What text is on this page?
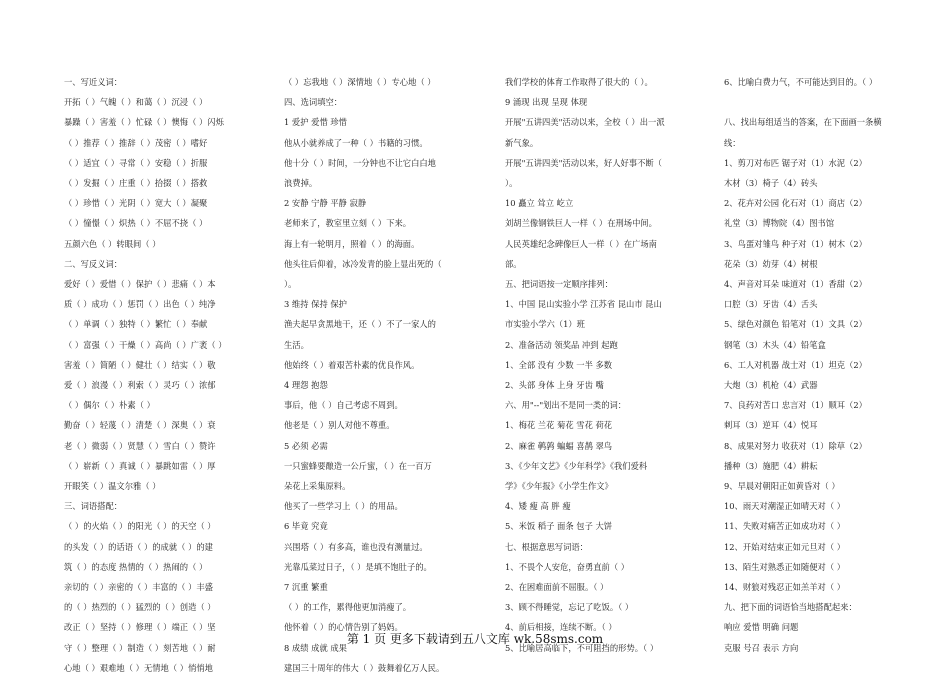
一、写近义词：
开拓（ ）气魄（ ）和蔼（ ）沉浸（ ）
暴躁（ ）害羞（ ）忙碌（ ）懊悔（ ）闪烁
（ ）推荐（ ）推辞（ ）茂密（ ）嗜好
（ ）适宜（ ）寻常（ ）安稳（ ）折服
（ ）发掘（ ）庄重（ ）拾掇（ ）搭救
（ ）珍惜（ ）光阴（ ）宽大（ ）凝聚
（ ）憧憬（ ）炽热（ ）不屈不挠（ ）
五颜六色（ ）转眼间（ ）
二、写反义词：
爱好（ ）爱惜（ ）保护（ ）悲痛（ ）本
质（ ）成功（ ）惩罚（ ）出色（ ）纯净
（ ）单调（ ）独特（ ）繁忙（ ）奉献
（ ）富强（ ）干燥（ ）高尚（ ）广袤（ ）
害羞（ ）简陋（ ）健壮（ ）结实（ ）敬
爱（ ）浪漫（ ）利索（ ）灵巧（ ）浓郁
（ ）偶尔（ ）朴素（ ）
勤奋（ ）轻蔑（ ）清楚（ ）深奥（ ）衰
老（ ）微弱（ ）贤慧（ ）雪白（ ）赞许
（ ）崭新（ ）真诚（ ）暴跳如雷（ ）厚
开眼笑（ ）温文尔雅（ ）
三、词语搭配：
（ ）的火焰（ ）的阳光（ ）的天空（ ）
的头发（ ）的话语（ ）的成就（ ）的建
筑（ ）的态度 热情的（ ）热闹的（ ）
亲切的（ ）亲密的（ ）丰富的（ ）丰盛
的（ ）热烈的（ ）猛烈的（ ）创造（ ）
改正（ ）坚持（ ）修理（ ）端正（ ）坚
守（ ）整理（ ）制造（ ）刻苦地（ ）耐
心地（ ）艰难地（ ）无情地（ ）悄悄地
（ ）忘我地（ ）深情地（ ）专心地（ ）
四、选词填空：
1 爱护 爱惜 珍惜
他从小就养成了一种（ ）书籍的习惯。
他十分（ ）时间，一分钟也不让它白白地
浪费掉。
2 安静 宁静 平静 寂静
老师来了，教室里立刻（ ）下来。
海上有一轮明月，照着（ ）的海面。
他头往后仰着，冰冷发青的脸上显出死的（
）。
3 维持 保持 保护
渔夫起早贪黑地干，还（ ）不了一家人的
生活。
他始终（ ）着艰苦朴素的优良作风。
4 理怨 抱怨
事后，他（ ）自己考虑不周到。
他老是（ ）别人对他不尊重。
5 必须 必需
一只蜜蜂要酿造一公斤蜜，（ ）在一百万
朵花上采集原料。
他买了一些学习上（ ）的用品。
6 毕竟 究竟
兴围塔（ ）有多高，谁也没有测量过。
光靠瓜菜过日子，（ ）是填不饱肚子的。
7 沉重 繁重
（ ）的工作，累得他更加消瘦了。
他怀着（ ）的心情告别了妈妈。
8 成绩 成就 成果
建国三十周年的伟大（ ）鼓舞着亿万人民。
我们学校的体育工作取得了很大的（ ）。
9 涌现 出现 呈现 体现
开展"五讲四美"活动以来，全校（ ）出一派
新气象。
开展"五讲四美"活动以来，好人好事不断（
）。
10 矗立 耸立 屹立
刘胡兰像钢铁巨人一样（ ）在刑场中间。
人民英雄纪念碑像巨人一样（ ）在广场南
部。
五、把词语按一定顺序排列：
1、中国 昆山实验小学 江苏省 昆山市 昆山
市实验小学六（1）班
2、准备活动 领奖品 冲到 起跑
1、全部 没有 少数 一半 多数
2、头部 身体 上身 牙齿 嘴
六、用"--"划出不是同一类的词：
1、梅花 兰花 菊花 雪花 荷花
2、麻雀 鹌鹑 蝙蝠 喜鹊 翠鸟
3、《少年文艺》《少年科学》《我们爱科
学》《少年报》《小学生作文》
4、矮 瘦 高 胖 瘦
5、米饭 稻子 面条 包子 大饼
七、根据意思写词语：
1、不畏个人安危，奋勇直前（ ）
2、在困难面前不屈服。（ ）
3、顾不得睡觉，忘记了吃饭。（ ）
4、前后相接，连续不断。（ ）
5、比喻居高临下，不可阻挡的形势。（ ）
6、比喻白费力气，不可能达到目的。（ ）

八、找出每组适当的答案，在下面画一条横
线：
1、剪刀对布匹 锯子对（1）水泥（2）
木材（3）椅子（4）砖头
2、花卉对公园 化石对（1）商店（2）
礼堂（3）博物院（4）图书馆
3、鸟蛋对雏鸟 种子对（1）树木（2）
花朵（3）幼芽（4）树根
4、声音对耳朵 味道对（1）香甜（2）
口腔（3）牙齿（4）舌头
5、绿色对颜色 铅笔对（1）文具（2）
钢笔（3）木头（4）铅笔盒
6、工人对机器 战士对（1）坦克（2）
大炮（3）机枪（4）武器
7、良药对苦口 忠言对（1）顺耳（2）
刺耳（3）逆耳（4）悦耳
8、成果对努力 收获对（1）除草（2）
播种（3）施肥（4）耕耘
9、早晨对朝阳正如黄昏对（ ）
10、雨天对潮湿正如晴天对（ ）
11、失败对痛苦正如成功对（ ）
12、开始对结束正如元旦对（ ）
13、陌生对熟悉正如随便对（ ）
14、财狼对残忍正如羔羊对（ ）
九、把下面的词语恰当地搭配起来：
响应 爱惜 明确 问题
克服 号召 表示 方向
第 1 页 更多下载请到五八文库 wk.58sms.com
